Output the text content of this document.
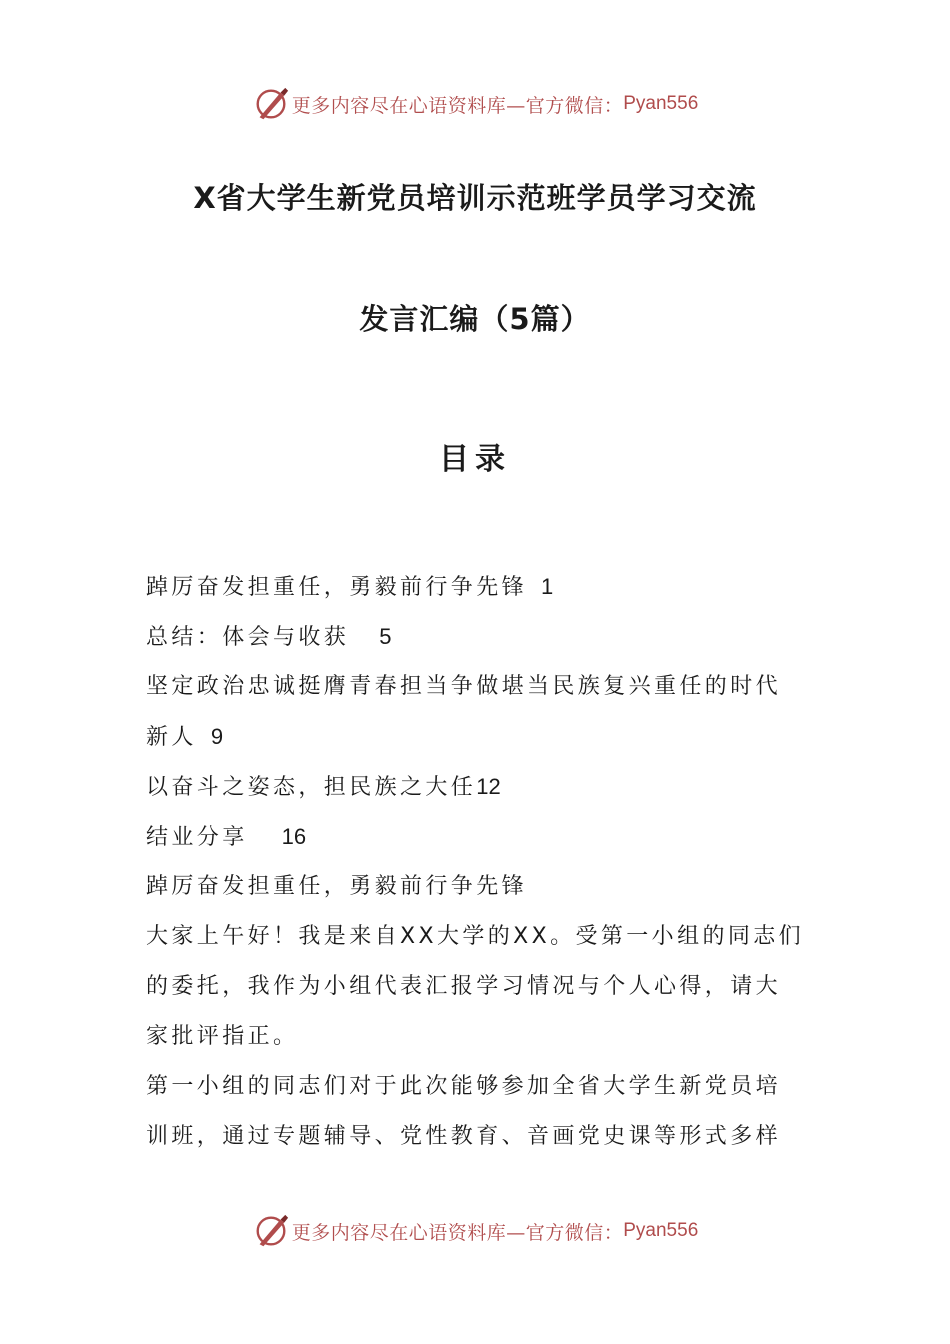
更多内容尽在心语资料库—官方微信： Pyan556
X省大学生新党员培训示范班学员学习交流
发言汇编（5篇）
目录
踔厉奋发担重任，勇毅前行争先锋 1
总结：体会与收获 5
坚定政治忠诚挺膺青春担当争做堪当民族复兴重任的时代
新人 9
以奋斗之姿态，担民族之大任12
结业分享 16
踔厉奋发担重任，勇毅前行争先锋
大家上午好！我是来自XX大学的XX。受第一小组的同志们
的委托，我作为小组代表汇报学习情况与个人心得，请大
家批评指正。
第一小组的同志们对于此次能够参加全省大学生新党员培
训班，通过专题辅导、党性教育、音画党史课等形式多样
更多内容尽在心语资料库—官方微信： Pyan556
